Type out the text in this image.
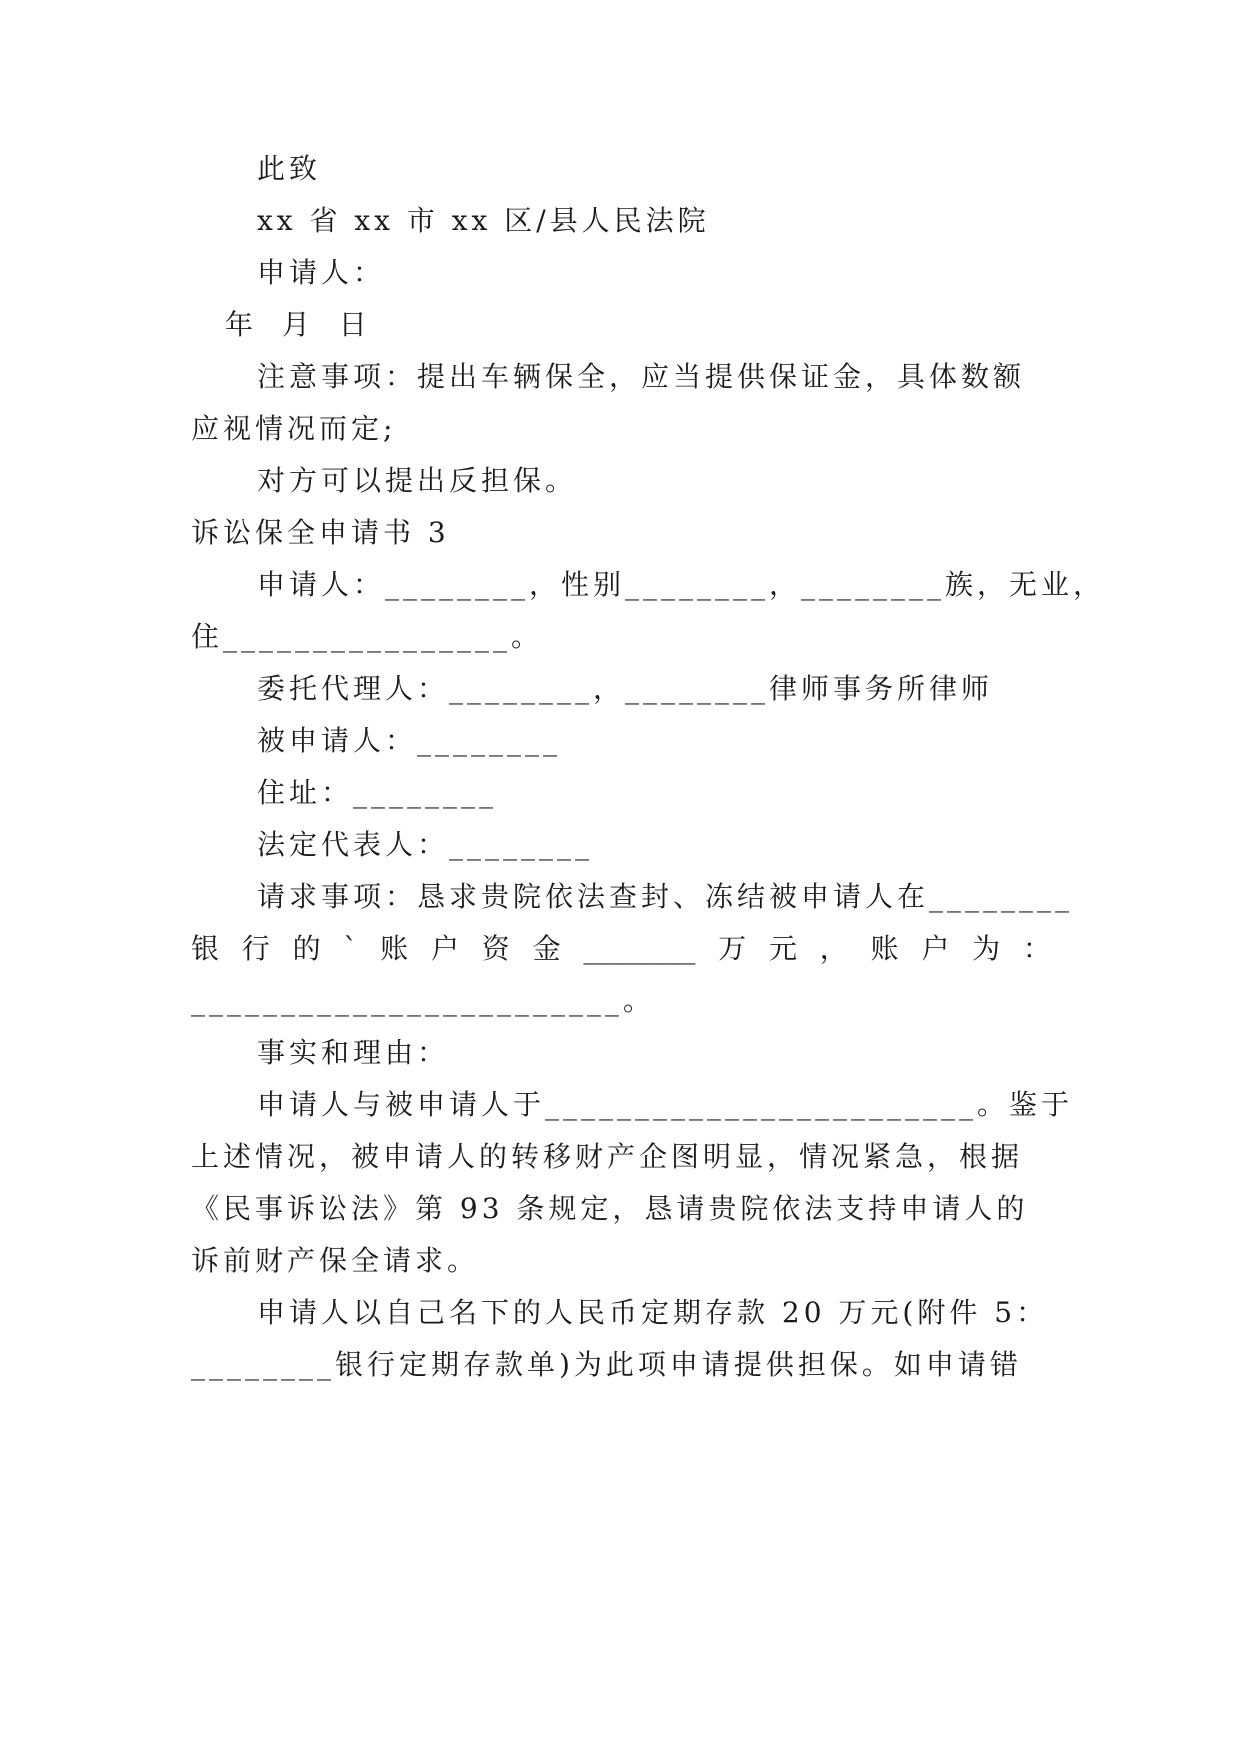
此致
xx 省 xx 市 xx 区/县人民法院
申请人：
年 月 日
注意事项：提出车辆保全，应当提供保证金，具体数额
应视情况而定;
对方可以提出反担保。
诉讼保全申请书 3
申请人：________，性别________，________族，无业，
住________________。
委托代理人：________，________律师事务所律师
被申请人：________
住址：________
法定代表人：________
请求事项：恳求贵院依法查封、冻结被申请人在________
银 行 的 ` 账 户 资 金 ________ 万 元 ， 账 户 为 ：
________________________。
事实和理由：
申请人与被申请人于________________________。鉴于
上述情况，被申请人的转移财产企图明显，情况紧急，根据
《民事诉讼法》第 93 条规定，恳请贵院依法支持申请人的
诉前财产保全请求。
申请人以自己名下的人民币定期存款 20 万元(附件 5：
________银行定期存款单)为此项申请提供担保。如申请错
